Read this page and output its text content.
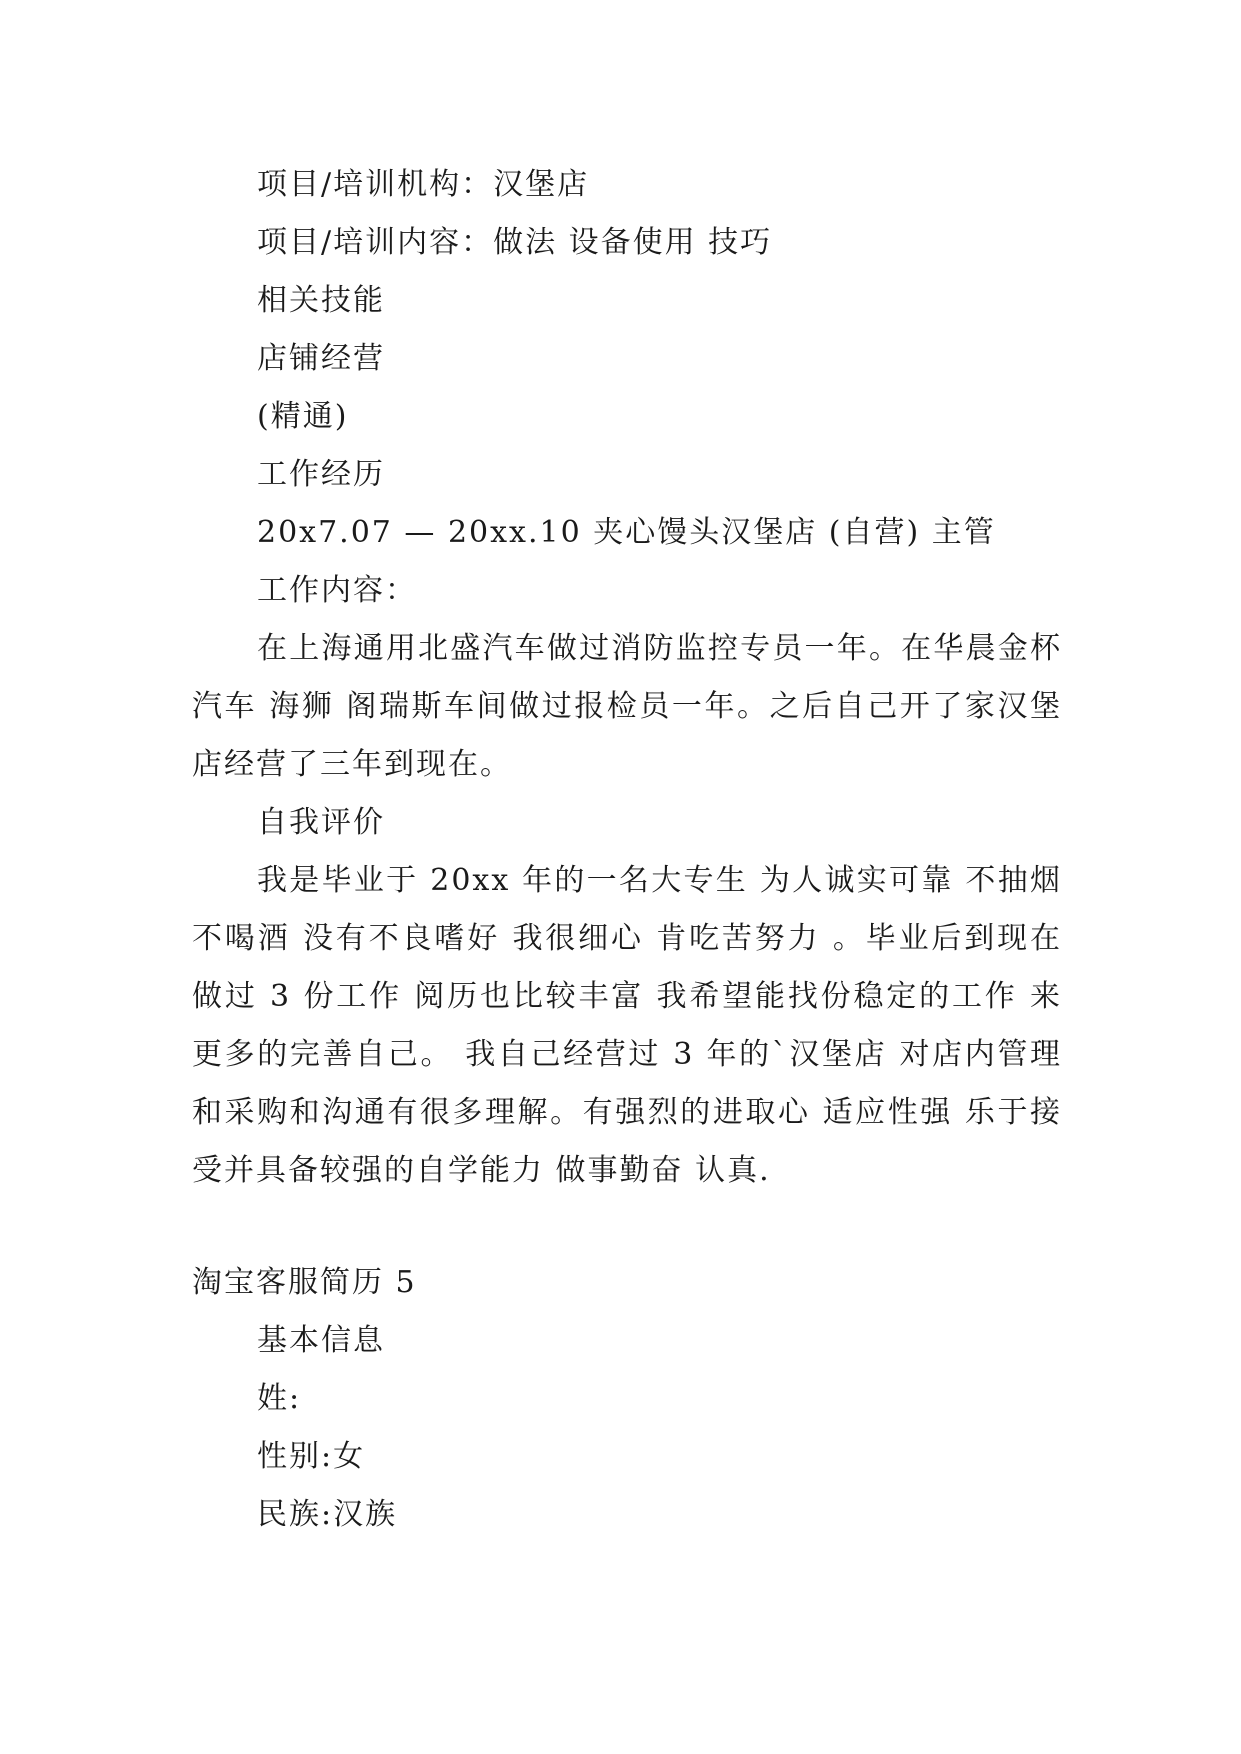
项目/培训机构：汉堡店
项目/培训内容：做法 设备使用 技巧
相关技能
店铺经营
(精通)
工作经历
20x7.07 — 20xx.10 夹心馒头汉堡店 (自营) 主管
工作内容：

在上海通用北盛汽车做过消防监控专员一年。在华晨金杯汽车 海狮 阁瑞斯车间做过报检员一年。之后自己开了家汉堡店经营了三年到现在。

自我评价

我是毕业于 20xx 年的一名大专生 为人诚实可靠 不抽烟不喝酒 没有不良嗜好 我很细心 肯吃苦努力 。毕业后到现在做过 3 份工作 阅历也比较丰富 我希望能找份稳定的工作 来更多的完善自己。 我自己经营过 3 年的`汉堡店 对店内管理和采购和沟通有很多理解。有强烈的进取心 适应性强 乐于接受并具备较强的自学能力 做事勤奋 认真.

淘宝客服简历 5
基本信息
姓:
性别:女
民族:汉族
